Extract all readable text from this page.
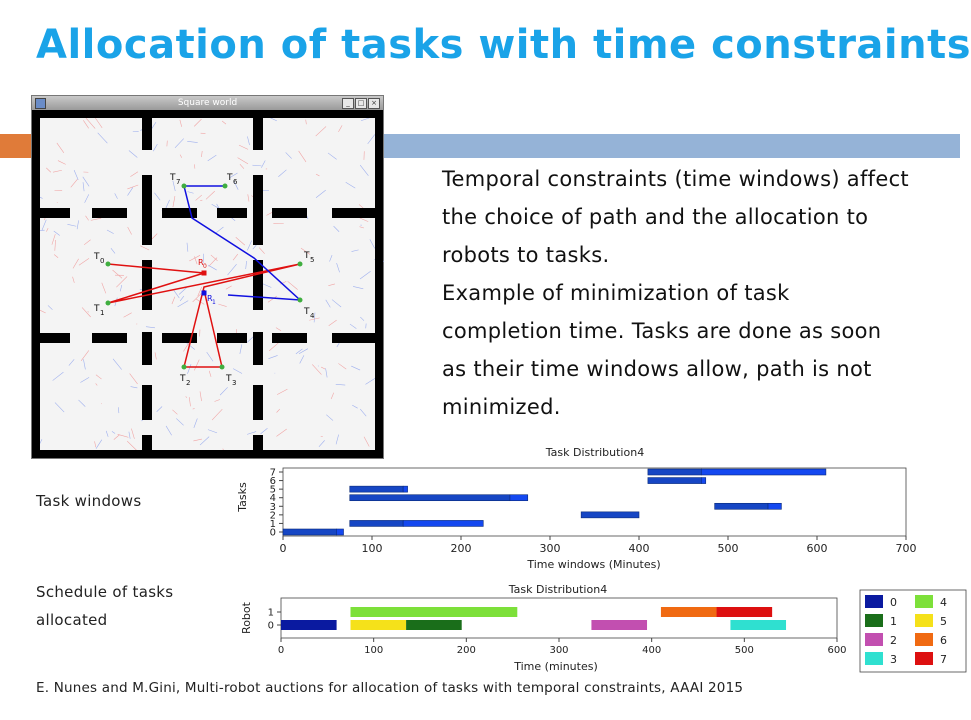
Allocation of tasks with time constraints
Square world	_	□ ×
T 0
T 1
T 2	T 3
T 4
T 5
T 6
T 7
R 0
R 1

Temporal constraints (time windows) affect the choice of path and the allocation to robots to tasks.

Example of minimization of task completion time. Tasks are done as soon as their time windows allow, path is not minimized.

Task windows
Schedule of tasks allocated
Task Distribution4
0	100	200	300	400	500	600	700
0
1
2
3
4
5
6
7
Time windows (Minutes)
Tasks
Task Distribution4
0	100	200	300	400	500	600
0
1
Time (minutes)
Robot	0
1
2
3
4
5
6
7
E. Nunes and M.Gini, Multi-robot auctions for allocation of tasks with temporal constraints, AAAI 2015
